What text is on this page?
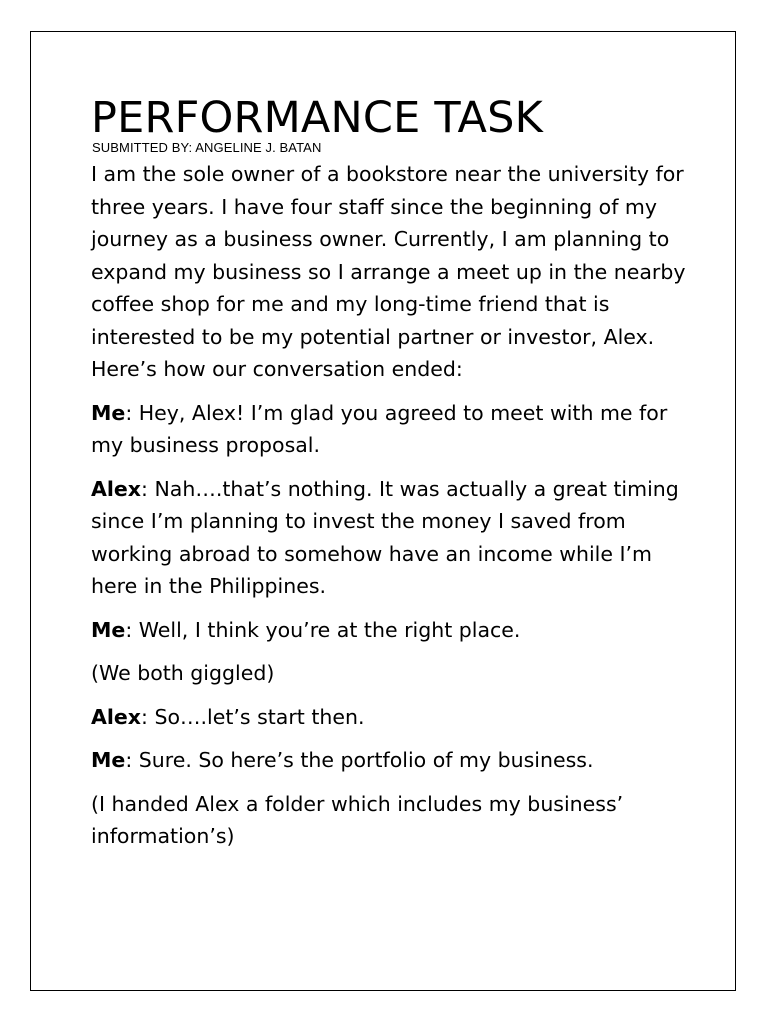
PERFORMANCE TASK
SUBMITTED BY: ANGELINE J. BATAN

I am the sole owner of a bookstore near the university for three years. I have four staff since the beginning of my journey as a business owner. Currently, I am planning to expand my business so I arrange a meet up in the nearby coffee shop for me and my long-time friend that is interested to be my potential partner or investor, Alex. Here’s how our conversation ended:

Me: Hey, Alex! I’m glad you agreed to meet with me for my business proposal.

Alex: Nah….that’s nothing. It was actually a great timing since I’m planning to invest the money I saved from working abroad to somehow have an income while I’m here in the Philippines.

Me: Well, I think you’re at the right place.

(We both giggled)

Alex: So….let’s start then.

Me: Sure. So here’s the portfolio of my business.

(I handed Alex a folder which includes my business’ information’s)
